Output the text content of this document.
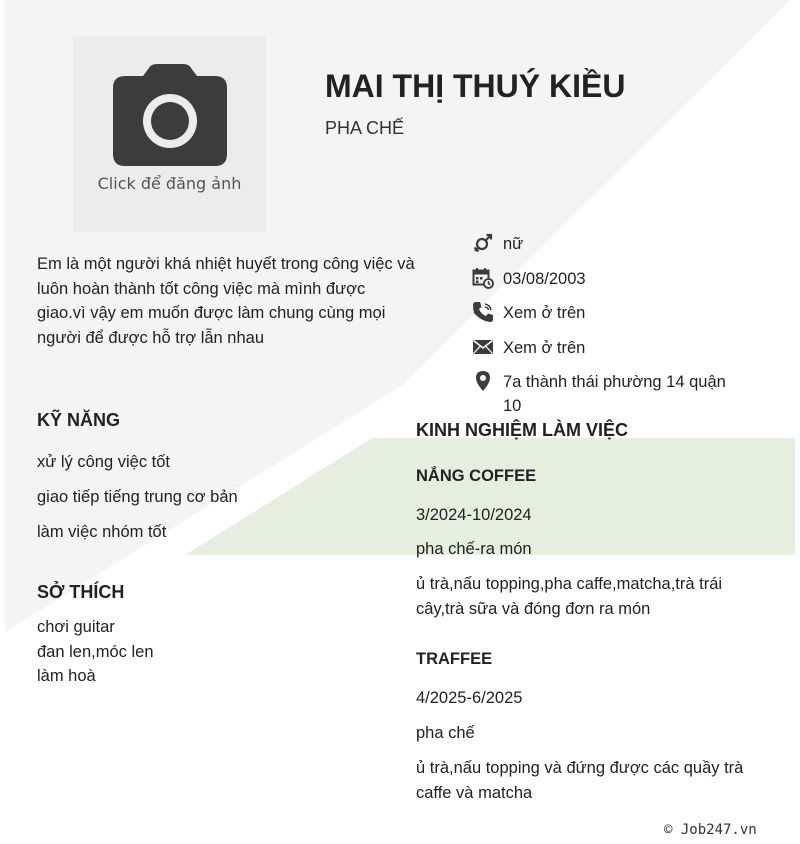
Click để đăng ảnh
MAI THỊ THUÝ KIỀU
PHA CHẾ
Em là một người khá nhiệt huyết trong công việc và luôn hoàn thành tốt công việc mà mình được giao.vì vậy em muốn được làm chung cùng mọi người để được hỗ trợ lẫn nhau
nữ
03/08/2003
Xem ở trên
Xem ở trên
7a thành thái phường 14 quận 10
KỸ NĂNG
xử lý công việc tốt
giao tiếp tiếng trung cơ bản
làm việc nhóm tốt
SỞ THÍCH
chơi guitar
đan len,móc len
làm hoà
KINH NGHIỆM LÀM VIỆC
NẮNG COFFEE
3/2024-10/2024
pha chế-ra món
ủ trà,nấu topping,pha caffe,matcha,trà trái cây,trà sữa và đóng đơn ra món
TRAFFEE
4/2025-6/2025
pha chế
ủ trà,nấu topping và đứng được các quầy trà caffe và matcha
© Job247.vn
